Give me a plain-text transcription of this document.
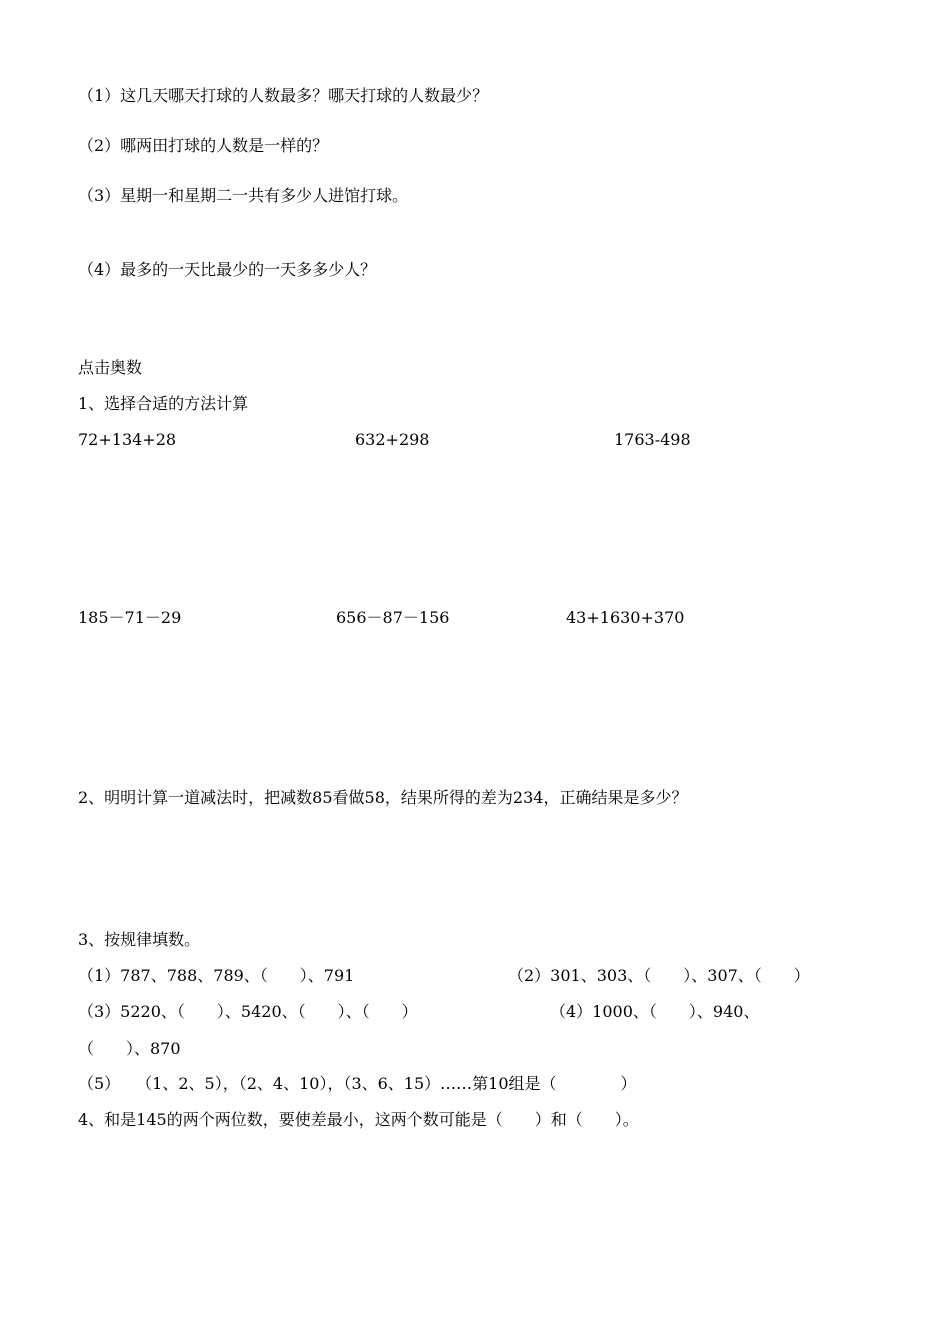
（1）这几天哪天打球的人数最多？哪天打球的人数最少？
（2）哪两田打球的人数是一样的？
（3）星期一和星期二一共有多少人进馆打球。
（4）最多的一天比最少的一天多多少人？
点击奥数
1、选择合适的方法计算
72+134+28	632+298	1763-498
185－71－29	656－87－156	43+1630+370
2、明明计算一道减法时，把减数85看做58，结果所得的差为234，正确结果是多少？
3、按规律填数。
（1）787、788、789、（　　）、791	（2）301、303、（　　）、307、（　　）
（3）5220、（　　）、5420、（　　）、（　　）	（4）1000、（　　）、940、
（　　）、870
（5）　　（1、2、5），（2、4、10），（3、6、15）……第10组是（　　　　）
4、和是145的两个两位数，要使差最小，这两个数可能是（　　）和（　　）。
